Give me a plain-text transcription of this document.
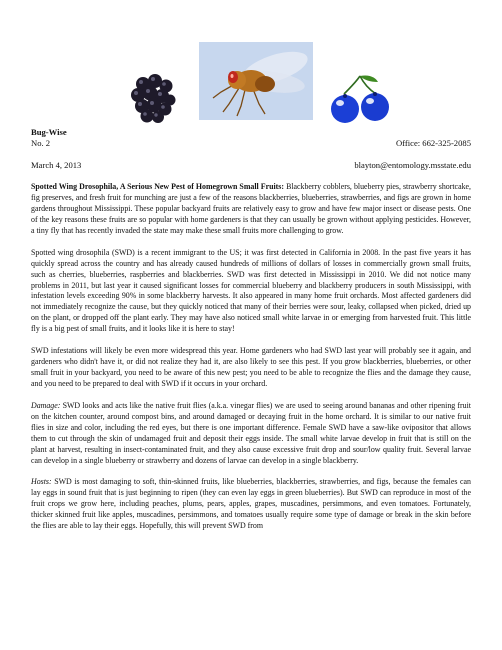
Bug-Wise
No. 2	Office: 662-325-2085
March 4, 2013	blayton@entomology.msstate.edu

Spotted Wing Drosophila, A Serious New Pest of Homegrown Small Fruits: Blackberry cobblers, blueberry pies, strawberry shortcake, fig preserves, and fresh fruit for munching are just a few of the reasons blackberries, blueberries, strawberries, and figs are grown in home gardens throughout Mississippi. These popular backyard fruits are relatively easy to grow and have few major insect or disease pests. One of the key reasons these fruits are so popular with home gardeners is that they can usually be grown without applying pesticides. However, a tiny fly that has recently invaded the state may make these small fruits more challenging to grow.

Spotted wing drosophila (SWD) is a recent immigrant to the US; it was first detected in California in 2008. In the past five years it has quickly spread across the country and has already caused hundreds of millions of dollars of losses in commercially grown small fruits, such as cherries, blueberries, raspberries and blackberries. SWD was first detected in Mississippi in 2010. We did not notice many problems in 2011, but last year it caused significant losses for commercial blueberry and blackberry producers in south Mississippi, with infestation levels exceeding 90% in some blackberry harvests. It also appeared in many home fruit orchards. Most affected gardeners did not immediately recognize the cause, but they quickly noticed that many of their berries were sour, leaky, collapsed when picked, dried up on the plant, or dropped off the plant early. They may have also noticed small white larvae in or emerging from harvested fruit. This little fly is a big pest of small fruits, and it looks like it is here to stay!

SWD infestations will likely be even more widespread this year. Home gardeners who had SWD last year will probably see it again, and gardeners who didn't have it, or did not realize they had it, are also likely to see this pest. If you grow blackberries, blueberries, or other small fruit in your backyard, you need to be aware of this new pest; you need to be able to recognize the flies and the damage they cause, and you need to be prepared to deal with SWD if it occurs in your orchard.

Damage: SWD looks and acts like the native fruit flies (a.k.a. vinegar flies) we are used to seeing around bananas and other ripening fruit on the kitchen counter, around compost bins, and around damaged or decaying fruit in the home orchard. It is similar to our native fruit flies in size and color, including the red eyes, but there is one important difference. Female SWD have a saw-like ovipositor that allows them to cut through the skin of undamaged fruit and deposit their eggs inside. The small white larvae develop in fruit that is still on the plant at harvest, resulting in insect-contaminated fruit, and they also cause excessive fruit drop and sour/low quality fruit. Several larvae can develop in a single blueberry or strawberry and dozens of larvae can develop in a single blackberry.

Hosts: SWD is most damaging to soft, thin-skinned fruits, like blueberries, blackberries, strawberries, and figs, because the females can lay eggs in sound fruit that is just beginning to ripen (they can even lay eggs in green blueberries). But SWD can reproduce in most of the fruit crops we grow here, including peaches, plums, pears, apples, grapes, muscadines, persimmons, and even tomatoes. Fortunately, thicker skinned fruit like apples, muscadines, persimmons, and tomatoes usually require some type of damage or break in the skin before the flies are able to lay their eggs. Hopefully, this will prevent SWD from
